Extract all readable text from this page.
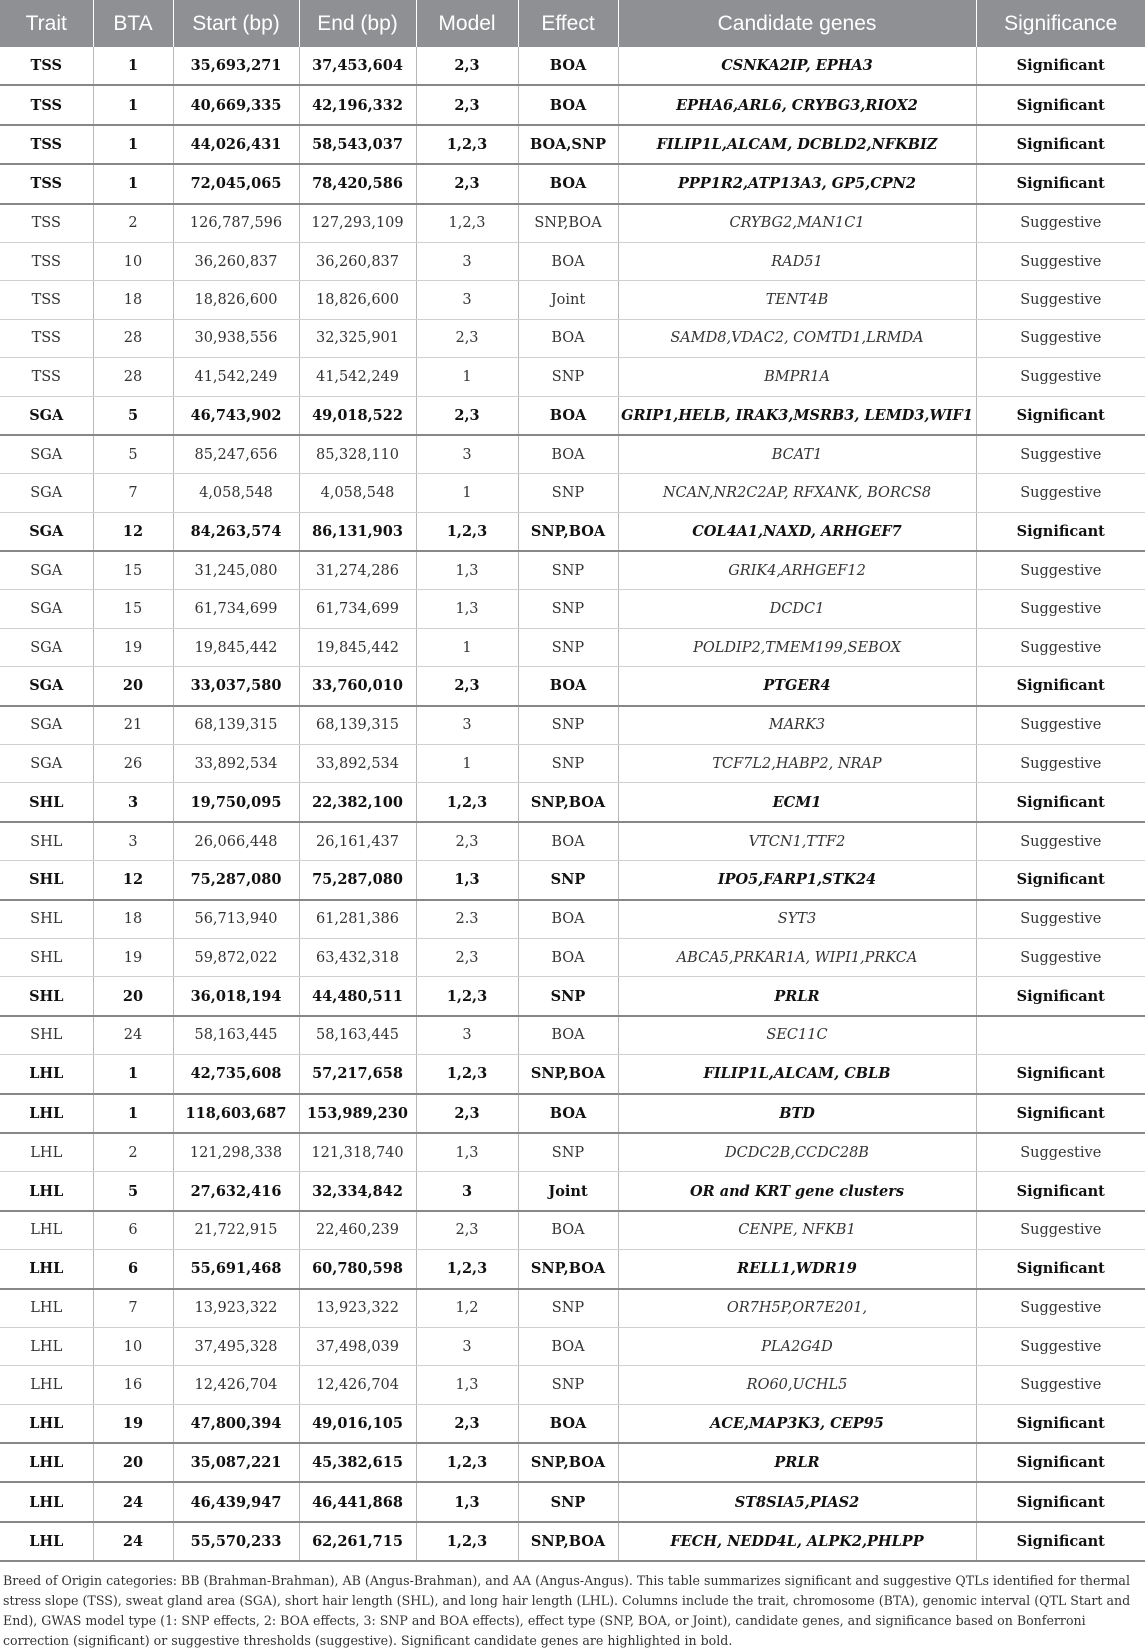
Trait	BTA	Start (bp)	End (bp)	Model	Effect	Candidate genes	Significance
TSS	1	35,693,271	37,453,604	2,3	BOA	CSNKA2IP, EPHA3	Significant
TSS	1	40,669,335	42,196,332	2,3	BOA	EPHA6,ARL6, CRYBG3,RIOX2	Significant
TSS	1	44,026,431	58,543,037	1,2,3	BOA,SNP	FILIP1L,ALCAM, DCBLD2,NFKBIZ	Significant
TSS	1	72,045,065	78,420,586	2,3	BOA	PPP1R2,ATP13A3, GP5,CPN2	Significant
TSS	2	126,787,596	127,293,109	1,2,3	SNP,BOA	CRYBG2,MAN1C1	Suggestive
TSS	10	36,260,837	36,260,837	3	BOA	RAD51	Suggestive
TSS	18	18,826,600	18,826,600	3	Joint	TENT4B	Suggestive
TSS	28	30,938,556	32,325,901	2,3	BOA	SAMD8,VDAC2, COMTD1,LRMDA	Suggestive
TSS	28	41,542,249	41,542,249	1	SNP	BMPR1A	Suggestive
SGA	5	46,743,902	49,018,522	2,3	BOA	GRIP1,HELB, IRAK3,MSRB3, LEMD3,WIF1	Significant
SGA	5	85,247,656	85,328,110	3	BOA	BCAT1	Suggestive
SGA	7	4,058,548	4,058,548	1	SNP	NCAN,NR2C2AP, RFXANK, BORCS8	Suggestive
SGA	12	84,263,574	86,131,903	1,2,3	SNP,BOA	COL4A1,NAXD, ARHGEF7	Significant
SGA	15	31,245,080	31,274,286	1,3	SNP	GRIK4,ARHGEF12	Suggestive
SGA	15	61,734,699	61,734,699	1,3	SNP	DCDC1	Suggestive
SGA	19	19,845,442	19,845,442	1	SNP	POLDIP2,TMEM199,SEBOX	Suggestive
SGA	20	33,037,580	33,760,010	2,3	BOA	PTGER4	Significant
SGA	21	68,139,315	68,139,315	3	SNP	MARK3	Suggestive
SGA	26	33,892,534	33,892,534	1	SNP	TCF7L2,HABP2, NRAP	Suggestive
SHL	3	19,750,095	22,382,100	1,2,3	SNP,BOA	ECM1	Significant
SHL	3	26,066,448	26,161,437	2,3	BOA	VTCN1,TTF2	Suggestive
SHL	12	75,287,080	75,287,080	1,3	SNP	IPO5,FARP1,STK24	Significant
SHL	18	56,713,940	61,281,386	2.3	BOA	SYT3	Suggestive
SHL	19	59,872,022	63,432,318	2,3	BOA	ABCA5,PRKAR1A, WIPI1,PRKCA	Suggestive
SHL	20	36,018,194	44,480,511	1,2,3	SNP	PRLR	Significant
SHL	24	58,163,445	58,163,445	3	BOA	SEC11C	
LHL	1	42,735,608	57,217,658	1,2,3	SNP,BOA	FILIP1L,ALCAM, CBLB	Significant
LHL	1	118,603,687	153,989,230	2,3	BOA	BTD	Significant
LHL	2	121,298,338	121,318,740	1,3	SNP	DCDC2B,CCDC28B	Suggestive
LHL	5	27,632,416	32,334,842	3	Joint	OR and KRT gene clusters	Significant
LHL	6	21,722,915	22,460,239	2,3	BOA	CENPE, NFKB1	Suggestive
LHL	6	55,691,468	60,780,598	1,2,3	SNP,BOA	RELL1,WDR19	Significant
LHL	7	13,923,322	13,923,322	1,2	SNP	OR7H5P,OR7E201,	Suggestive
LHL	10	37,495,328	37,498,039	3	BOA	PLA2G4D	Suggestive
LHL	16	12,426,704	12,426,704	1,3	SNP	RO60,UCHL5	Suggestive
LHL	19	47,800,394	49,016,105	2,3	BOA	ACE,MAP3K3, CEP95	Significant
LHL	20	35,087,221	45,382,615	1,2,3	SNP,BOA	PRLR	Significant
LHL	24	46,439,947	46,441,868	1,3	SNP	ST8SIA5,PIAS2	Significant
LHL	24	55,570,233	62,261,715	1,2,3	SNP,BOA	FECH, NEDD4L, ALPK2,PHLPP	Significant

Breed of Origin categories: BB (Brahman-Brahman), AB (Angus-Brahman), and AA (Angus-Angus). This table summarizes significant and suggestive QTLs identified for thermal stress slope (TSS), sweat gland area (SGA), short hair length (SHL), and long hair length (LHL). Columns include the trait, chromosome (BTA), genomic interval (QTL Start and End), GWAS model type (1: SNP effects, 2: BOA effects, 3: SNP and BOA effects), effect type (SNP, BOA, or Joint), candidate genes, and significance based on Bonferroni correction (significant) or suggestive thresholds (suggestive). Significant candidate genes are highlighted in bold.
